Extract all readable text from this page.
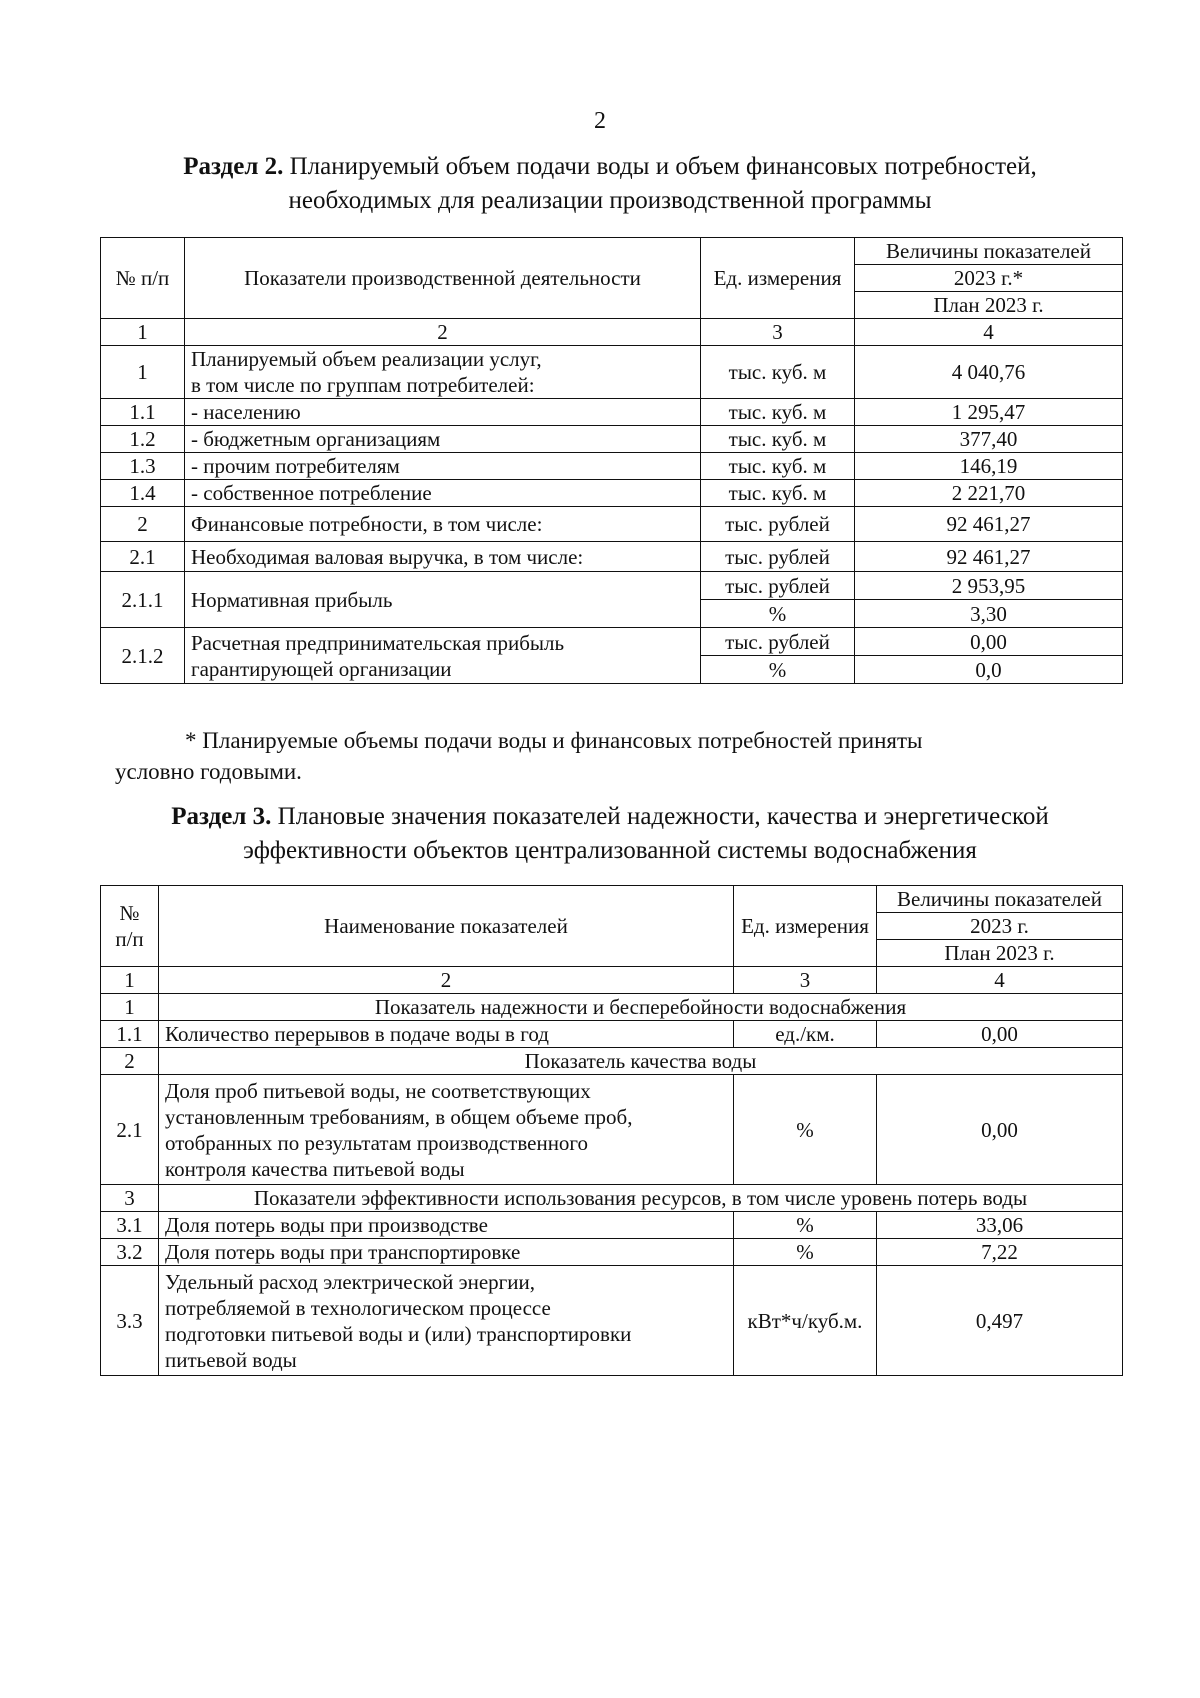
2
Раздел 2. Планируемый объем подачи воды и объем финансовых потребностей,
необходимых для реализации производственной программы
№ п/п	Показатели производственной деятельности	Ед. измерения	Величины показателей
			2023 г.*
			План 2023 г.
1	2	3	4
1	Планируемый объем реализации услуг,
в том числе по группам потребителей:	тыс. куб. м	4 040,76
1.1	- населению	тыс. куб. м	1 295,47
1.2	- бюджетным организациям	тыс. куб. м	377,40
1.3	- прочим потребителям	тыс. куб. м	146,19
1.4	- собственное потребление	тыс. куб. м	2 221,70
2	Финансовые потребности, в том числе:	тыс. рублей	92 461,27
2.1	Необходимая валовая выручка, в том числе:	тыс. рублей	92 461,27
2.1.1	Нормативная прибыль	тыс. рублей	2 953,95
		%	3,30
2.1.2	Расчетная предпринимательская прибыль
гарантирующей организации	тыс. рублей	0,00
		%	0,0
* Планируемые объемы подачи воды и финансовых потребностей приняты
условно годовыми.
Раздел 3. Плановые значения показателей надежности, качества и энергетической
эффективности объектов централизованной системы водоснабжения
№
п/п	Наименование показателей	Ед. измерения	Величины показателей
			2023 г.
			План 2023 г.
1	2	3	4
1	Показатель надежности и бесперебойности водоснабжения		
1.1	Количество перерывов в подаче воды в год	ед./км.	0,00
2	Показатель качества воды		
2.1	Доля проб питьевой воды, не соответствующих
установленным требованиям, в общем объеме проб,
отобранных по результатам производственного
контроля качества питьевой воды	%	0,00
3	Показатели эффективности использования ресурсов, в том числе уровень потерь воды		
3.1	Доля потерь воды при производстве	%	33,06
3.2	Доля потерь воды при транспортировке	%	7,22
3.3	Удельный расход электрической энергии,
потребляемой в технологическом процессе
подготовки питьевой воды и (или) транспортировки
питьевой воды	кВт*ч/куб.м.	0,497
